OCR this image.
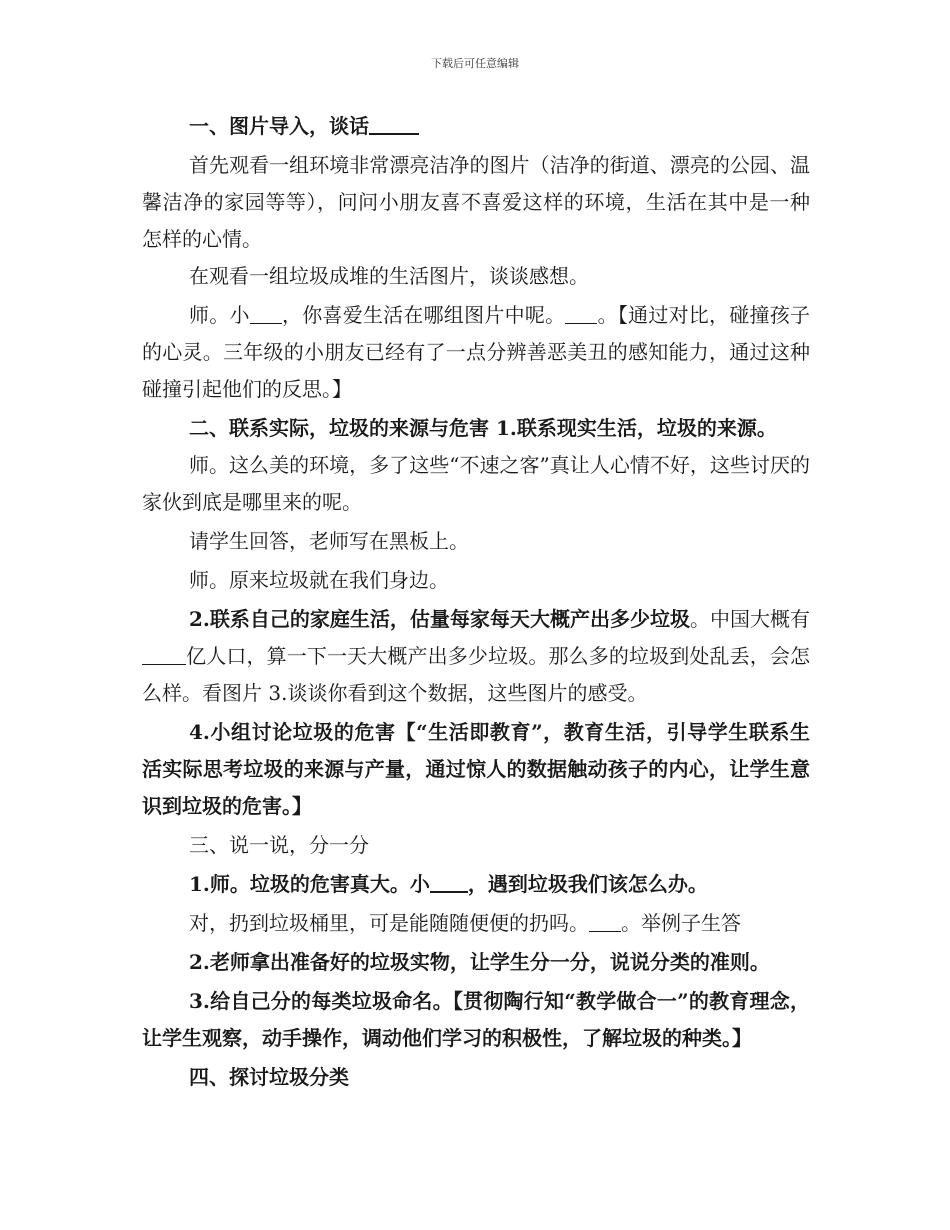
下载后可任意编辑

一、图片导入，谈话

首先观看一组环境非常漂亮洁净的图片（洁净的街道、漂亮的公园、温馨洁净的家园等等），问问小朋友喜不喜爱这样的环境，生活在其中是一种怎样的心情。

在观看一组垃圾成堆的生活图片，谈谈感想。

师。小 ，你喜爱生活在哪组图片中呢。 。【通过对比，碰撞孩子的心灵。三年级的小朋友已经有了一点分辨善恶美丑的感知能力，通过这种碰撞引起他们的反思。】

二、联系实际，垃圾的来源与危害 1.联系现实生活，垃圾的来源。

师。这么美的环境，多了这些“不速之客”真让人心情不好，这些讨厌的家伙到底是哪里来的呢。

请学生回答，老师写在黑板上。

师。原来垃圾就在我们身边。

2.联系自己的家庭生活，估量每家每天大概产出多少垃圾。中国大概有亿人口，算一下一天大概产出多少垃圾。那么多的垃圾到处乱丢，会怎么样。看图片 3.谈谈你看到这个数据，这些图片的感受。

4.小组讨论垃圾的危害【“生活即教育”，教育生活，引导学生联系生活实际思考垃圾的来源与产量，通过惊人的数据触动孩子的内心，让学生意识到垃圾的危害。】

三、说一说，分一分

1.师。垃圾的危害真大。小 ，遇到垃圾我们该怎么办。

对，扔到垃圾桶里，可是能随随便便的扔吗。 。举例子生答

2.老师拿出准备好的垃圾实物，让学生分一分，说说分类的准则。

3.给自己分的每类垃圾命名。【贯彻陶行知“教学做合一”的教育理念，让学生观察，动手操作，调动他们学习的积极性，了解垃圾的种类。】

四、探讨垃圾分类
